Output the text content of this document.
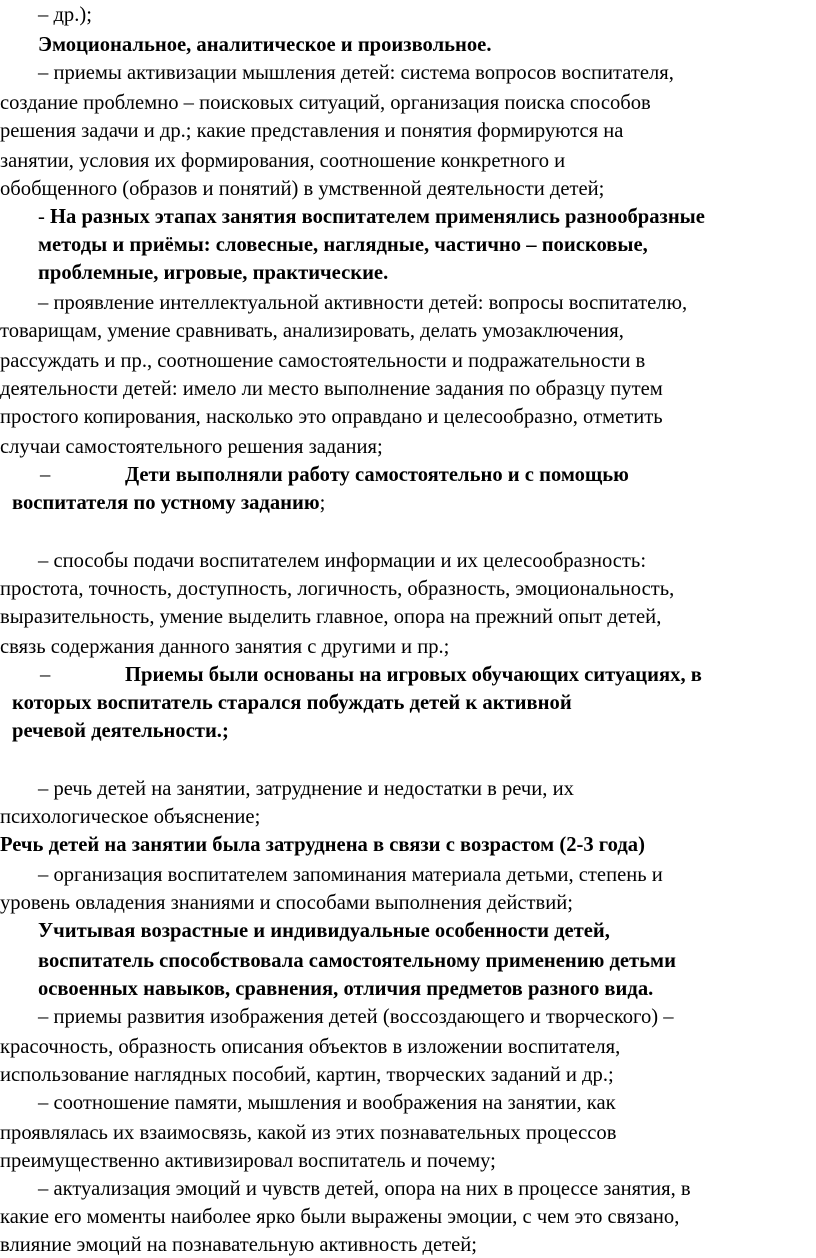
– др.);
Эмоциональное, аналитическое и произвольное.
– приемы активизации мышления детей: система вопросов воспитателя,
создание проблемно – поисковых ситуаций, организация поиска способов
решения задачи и др.; какие представления и понятия формируются на
занятии, условия их формирования, соотношение конкретного и
обобщенного (образов и понятий) в умственной деятельности детей;
- На разных этапах занятия воспитателем применялись разнообразные
методы и приёмы: словесные, наглядные, частично – поисковые,
проблемные, игровые, практические.
– проявление интеллектуальной активности детей: вопросы воспитателю,
товарищам, умение сравнивать, анализировать, делать умозаключения,
рассуждать и пр., соотношение самостоятельности и подражательности в
деятельности детей: имело ли место выполнение задания по образцу путем
простого копирования, насколько это оправдано и целесообразно, отметить
случаи самостоятельного решения задания;
–	Дети выполняли работу самостоятельно и с помощью
воспитателя по устному заданию;
– способы подачи воспитателем информации и их целесообразность:
простота, точность, доступность, логичность, образность, эмоциональность,
выразительность, умение выделить главное, опора на прежний опыт детей,
связь содержания данного занятия с другими и пр.;
–	Приемы были основаны на игровых обучающих ситуациях, в
которых воспитатель старался побуждать детей к активной
речевой деятельности.;
– речь детей на занятии, затруднение и недостатки в речи, их
психологическое объяснение;
Речь детей на занятии была затруднена в связи с возрастом (2-3 года)
– организация воспитателем запоминания материала детьми, степень и
уровень овладения знаниями и способами выполнения действий;
Учитывая возрастные и индивидуальные особенности детей,
воспитатель способствовала самостоятельному применению детьми
освоенных навыков, сравнения, отличия предметов разного вида.
– приемы развития изображения детей (воссоздающего и творческого) –
красочность, образность описания объектов в изложении воспитателя,
использование наглядных пособий, картин, творческих заданий и др.;
– соотношение памяти, мышления и воображения на занятии, как
проявлялась их взаимосвязь, какой из этих познавательных процессов
преимущественно активизировал воспитатель и почему;
– актуализация эмоций и чувств детей, опора на них в процессе занятия, в
какие его моменты наиболее ярко были выражены эмоции, с чем это связано,
влияние эмоций на познавательную активность детей;
